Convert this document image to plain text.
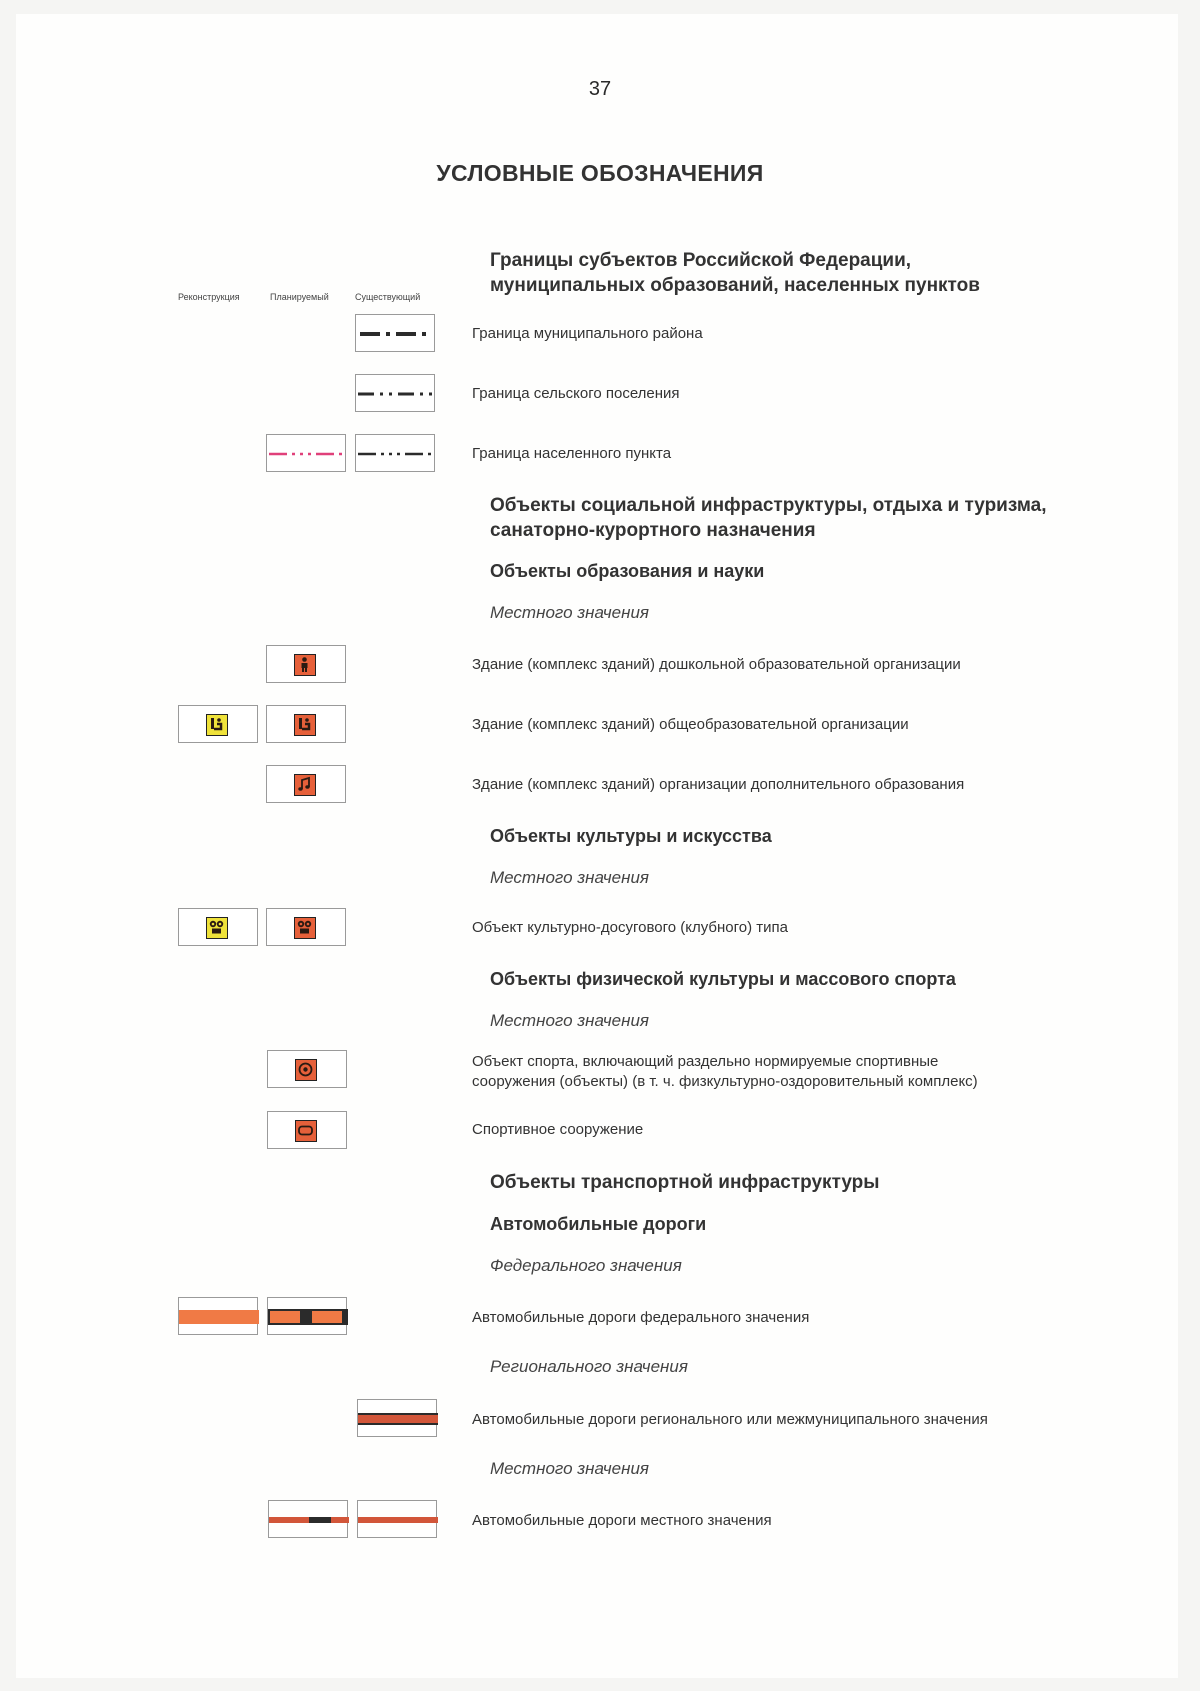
37
УСЛОВНЫЕ ОБОЗНАЧЕНИЯ
Реконструкция	Планируемый	Существующий
Границы субъектов Российской Федерации,
муниципальных образований, населенных пунктов
Граница муниципального района
Граница сельского поселения
Граница населенного пункта
Объекты социальной инфраструктуры, отдыха и туризма,
санаторно-курортного назначения
Объекты образования и науки
Местного значения
Здание (комплекс зданий) дошкольной образовательной организации
Здание (комплекс зданий) общеобразовательной организации
Здание (комплекс зданий) организации дополнительного образования
Объекты культуры и искусства
Местного значения
Объект культурно-досугового (клубного) типа
Объекты физической культуры и массового спорта
Местного значения
Объект спорта, включающий раздельно нормируемые спортивные
сооружения (объекты) (в т. ч. физкультурно-оздоровительный комплекс)
Спортивное сооружение
Объекты транспортной инфраструктуры
Автомобильные дороги
Федерального значения
Автомобильные дороги федерального значения
Регионального значения
Автомобильные дороги регионального или межмуниципального значения
Местного значения
Автомобильные дороги местного значения
